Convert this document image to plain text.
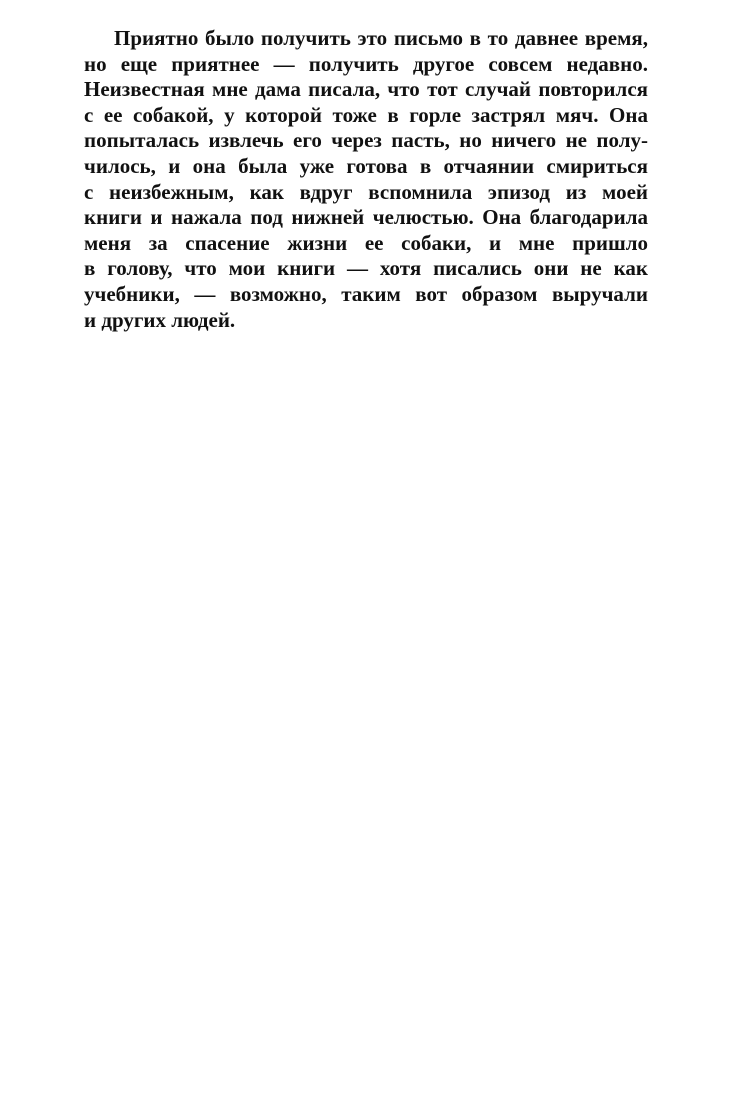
Приятно было получить это письмо в то давнее время,
но еще приятнее — получить другое совсем недавно.
Неизвестная мне дама писала, что тот случай повторился
с ее собакой, у которой тоже в горле застрял мяч. Она
попыталась извлечь его через пасть, но ничего не полу-
чилось, и она была уже готова в отчаянии смириться
с неизбежным, как вдруг вспомнила эпизод из моей
книги и нажала под нижней челюстью. Она благодарила
меня за спасение жизни ее собаки, и мне пришло
в голову, что мои книги — хотя писались они не как
учебники, — возможно, таким вот образом выручали
и других людей.
